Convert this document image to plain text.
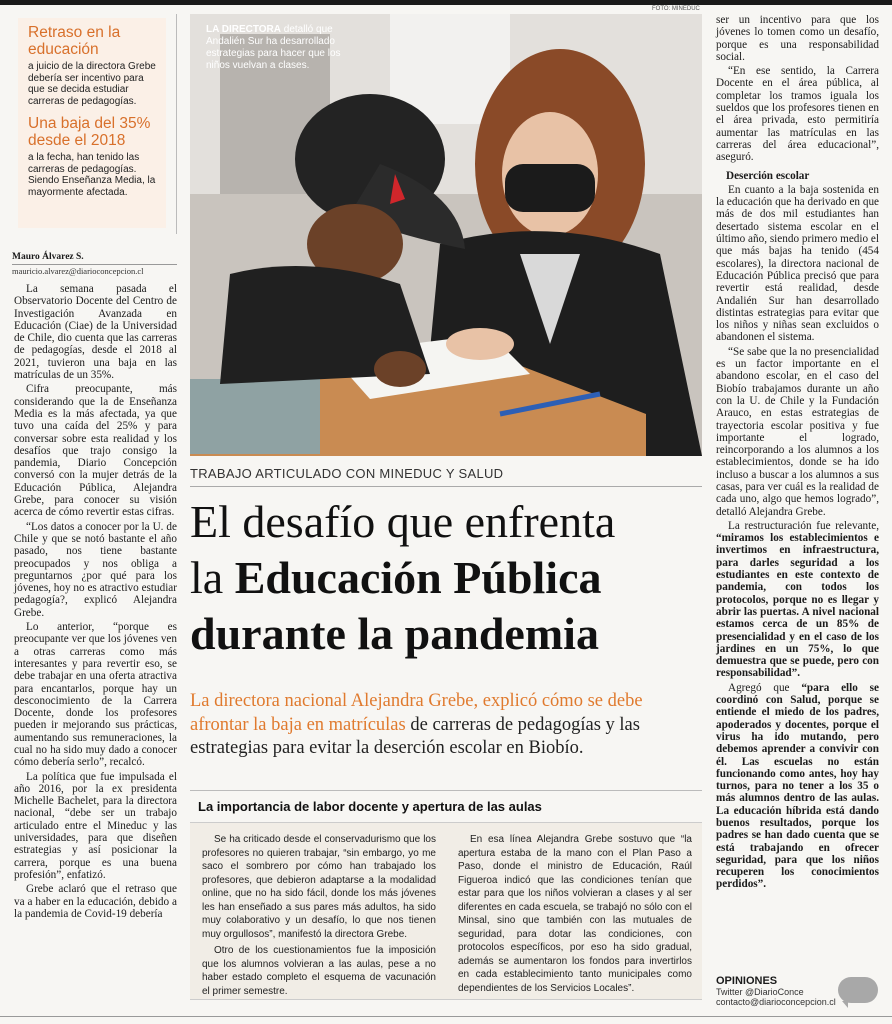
Retraso en la educación
a juicio de la directora Grebe debería ser incentivo para que se decida estudiar carreras de pedagogías.
Una baja del 35% desde el 2018
a la fecha, han tenido las carreras de pedagogías. Siendo Enseñanza Media, la mayormente afectada.
Mauro Álvarez S.
mauricio.alvarez@diarioconcepcion.cl

La semana pasada el Observatorio Docente del Centro de Investigación Avanzada en Educación (Ciae) de la Universidad de Chile, dio cuenta que las carreras de pedagogías, desde el 2018 al 2021, tuvieron una baja en las matrículas de un 35%.

Cifra preocupante, más considerando que la de Enseñanza Media es la más afectada, ya que tuvo una caída del 25% y para conversar sobre esta realidad y los desafíos que trajo consigo la pandemia, Diario Concepción conversó con la mujer detrás de la Educación Pública, Alejandra Grebe, para conocer su visión acerca de cómo revertir estas cifras.

“Los datos a conocer por la U. de Chile y que se notó bastante el año pasado, nos tiene bastante preocupados y nos obliga a preguntarnos ¿por qué para los jóvenes, hoy no es atractivo estudiar pedagogía?, explicó Alejandra Grebe.

Lo anterior, “porque es preocupante ver que los jóvenes ven a otras carreras como más interesantes y para revertir eso, se debe trabajar en una oferta atractiva para encantarlos, porque hay un desconocimiento de la Carrera Docente, donde los profesores pueden ir mejorando sus prácticas, aumentando sus remuneraciones, la cual no ha sido muy dado a conocer cómo debería serlo”, recalcó.

La política que fue impulsada el año 2016, por la ex presidenta Michelle Bachelet, para la directora nacional, “debe ser un trabajo articulado entre el Mineduc y las universidades, para que diseñen estrategias y así posicionar la carrera, porque es una buena profesión”, enfatizó.

Grebe aclaró que el retraso que va a haber en la educación, debido a la pandemia de Covid-19 debería

FOTO: MINEDUC
LA DIRECTORA detalló que Andalién Sur ha desarrollado estrategias para hacer que los niños vuelvan a clases.
TRABAJO ARTICULADO CON MINEDUC Y SALUD
El desafío que enfrenta
la Educación Pública
durante la pandemia
La directora nacional Alejandra Grebe, explicó cómo se debe afrontar la baja en matrículas de carreras de pedagogías y las estrategias para evitar la deserción escolar en Biobío.
La importancia de labor docente y apertura de las aulas

Se ha criticado desde el conservadurismo que los profesores no quieren trabajar, “sin embargo, yo me saco el sombrero por cómo han trabajado los profesores, que debieron adaptarse a la modalidad online, que no ha sido fácil, donde los más jóvenes les han enseñado a sus pares más adultos, ha sido muy colaborativo y un desafío, lo que nos tienen muy orgullosos”, manifestó la directora Grebe.

Otro de los cuestionamientos fue la imposición que los alumnos volvieran a las aulas, pese a no haber estado completo el esquema de vacunación el primer semestre.

En esa línea Alejandra Grebe sostuvo que “la apertura estaba de la mano con el Plan Paso a Paso, donde el ministro de Educación, Raúl Figueroa indicó que las condiciones tenían que estar para que los niños volvieran a clases y al ser diferentes en cada escuela, se trabajó no sólo con el Minsal, sino que también con las mutuales de seguridad, para dotar las condiciones, con protocolos específicos, por eso ha sido gradual, además se aumentaron los fondos para invertirlos en cada establecimiento tanto municipales como dependientes de los Servicios Locales”.

ser un incentivo para que los jóvenes lo tomen como un desafío, porque es una responsabilidad social.

“En ese sentido, la Carrera Docente en el área pública, al completar los tramos iguala los sueldos que los profesores tienen en el área privada, esto permitiría aumentar las matrículas en las carreras del área educacional”, aseguró.

Deserción escolar

En cuanto a la baja sostenida en la educación que ha derivado en que más de dos mil estudiantes han desertado sistema escolar en el último año, siendo primero medio el que más bajas ha tenido (454 escolares), la directora nacional de Educación Pública precisó que para revertir está realidad, desde Andalién Sur han desarrollado distintas estrategias para evitar que los niños y niñas sean excluidos o abandonen el sistema.

“Se sabe que la no presencialidad es un factor importante en el abandono escolar, en el caso del Biobío trabajamos durante un año con la U. de Chile y la Fundación Arauco, en estas estrategias de trayectoria escolar positiva y fue importante el logrado, reincorporando a los alumnos a los establecimientos, donde se ha ido incluso a buscar a los alumnos a sus casas, para ver cuál es la realidad de cada uno, algo que hemos logrado”, detalló Alejandra Grebe.

La restructuración fue relevante, “miramos los establecimientos e invertimos en infraestructura, para darles seguridad a los estudiantes en este contexto de pandemia, con todos los protocolos, porque no es llegar y abrir las puertas. A nivel nacional estamos cerca de un 85% de presencialidad y en el caso de los jardines en un 75%, lo que demuestra que se puede, pero con responsabilidad”.

Agregó que “para ello se coordinó con Salud, porque se entiende el miedo de los padres, apoderados y docentes, porque el virus ha ido mutando, pero debemos aprender a convivir con él. Las escuelas no están funcionando como antes, hoy hay turnos, para no tener a los 35 o más alumnos dentro de las aulas. La educación híbrida está dando buenos resultados, porque los padres se han dado cuenta que se está trabajando en ofrecer seguridad, para que los niños recuperen los conocimientos perdidos”.

OPINIONES
Twitter @DiarioConce
contacto@diarioconcepcion.cl
